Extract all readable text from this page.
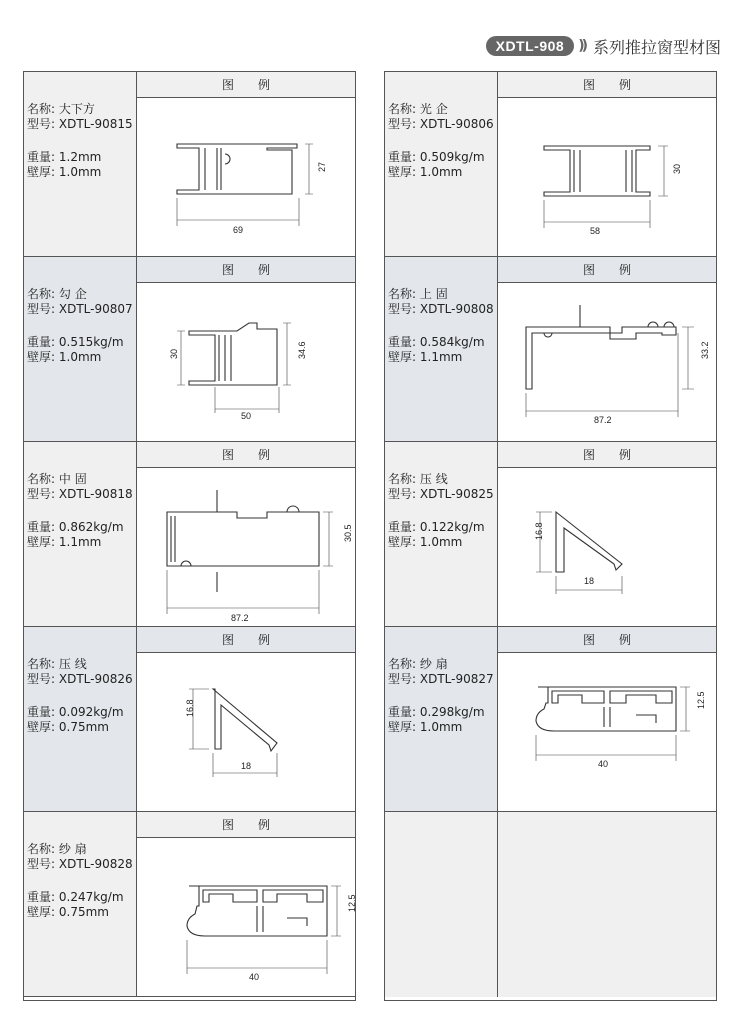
XDTL-908	)) 系列推拉窗型材图
名称: 大下方
型号: XDTL-90815
重量: 1.2mm
壁厚: 1.0mm
图　　例
69
27
名称: 勾 企
型号: XDTL-90807
重量: 0.515kg/m
壁厚: 1.0mm
图　　例
50
30	34.6
名称: 中 固
型号: XDTL-90818
重量: 0.862kg/m
壁厚: 1.1mm
图　　例
87.2
30.5
名称: 压 线
型号: XDTL-90826
重量: 0.092kg/m
壁厚: 0.75mm
图　　例
18
16.8
名称: 纱 扇
型号: XDTL-90828
重量: 0.247kg/m
壁厚: 0.75mm
图　　例
40
12.5
名称: 光 企
型号: XDTL-90806
重量: 0.509kg/m
壁厚: 1.0mm
图　　例
58
30
名称: 上 固
型号: XDTL-90808
重量: 0.584kg/m
壁厚: 1.1mm
图　　例
87.2
33.2
名称: 压 线
型号: XDTL-90825
重量: 0.122kg/m
壁厚: 1.0mm
图　　例
18
16.8
名称: 纱 扇
型号: XDTL-90827
重量: 0.298kg/m
壁厚: 1.0mm
图　　例
40
12.5
